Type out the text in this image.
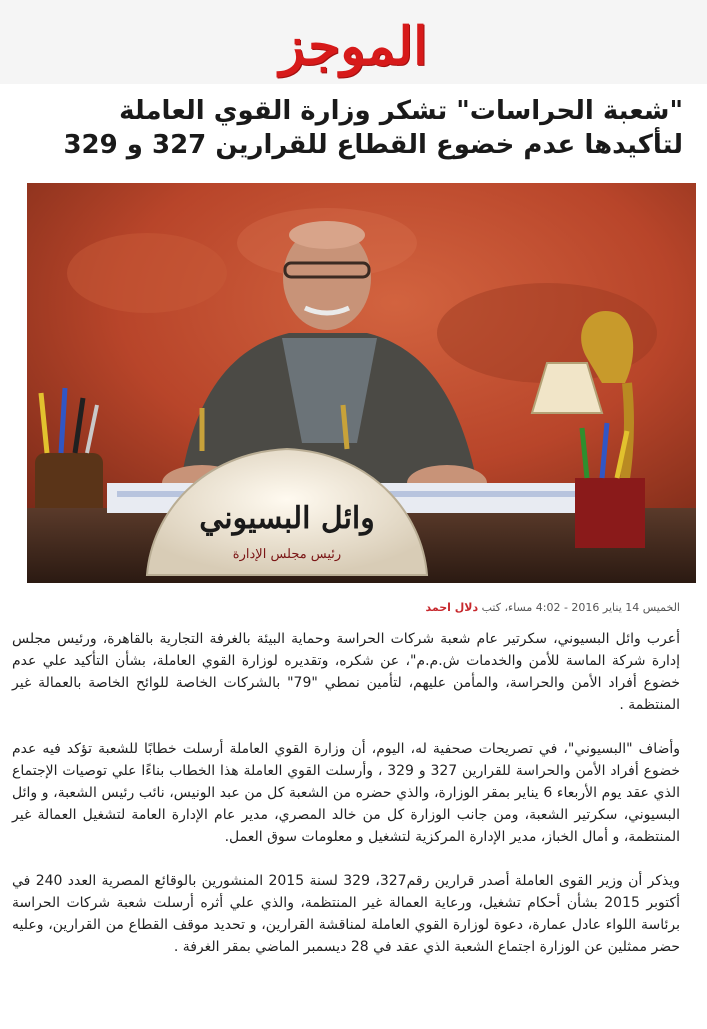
الموجز
"شعبة الحراسات" تشكر وزارة القوي العاملة لتأكيدها عدم خضوع القطاع للقرارين 327 و 329
وائل البسيوني
رئيس مجلس الإدارة
الخميس 14 يناير 2016 - 4:02 مساء، كتب دلال احمد

أعرب وائل البسيوني، سكرتير عام شعبة شركات الحراسة وحماية البيئة بالغرفة التجارية بالقاهرة، ورئيس مجلس إدارة شركة الماسة للأمن والخدمات ش.م.م"، عن شكره، وتقديره لوزارة القوي العاملة، بشأن التأكيد علي عدم خضوع أفراد الأمن والحراسة، والمأمن عليهم، لتأمين نمطي "79" بالشركات الخاصة للوائح الخاصة بالعمالة غير المنتظمة .

وأضاف "البسيوني"، في تصريحات صحفية له، اليوم، أن وزارة القوي العاملة أرسلت خطابًا للشعبة تؤكد فيه عدم خضوع أفراد الأمن والحراسة للقرارين 327 و 329 ، وأرسلت القوي العاملة هذا الخطاب بناءًا علي توصيات الإجتماع الذي عقد يوم الأربعاء 6 يناير بمقر الوزارة، والذي حضره من الشعبة كل من عبد الونيس، نائب رئيس الشعبة، و وائل البسيوني، سكرتير الشعبة، ومن جانب الوزارة كل من خالد المصري، مدير عام الإدارة العامة لتشغيل العمالة غير المنتظمة، و أمال الخباز، مدير الإدارة المركزية لتشغيل و معلومات سوق العمل.

ويذكر أن وزير القوى العاملة أصدر قرارين رقم327، 329 لسنة 2015 المنشورين بالوقائع المصرية العدد 240 في أكتوبر 2015 بشأن أحكام تشغيل، ورعاية العمالة غير المنتظمة، والذي علي أثره أرسلت شعبة شركات الحراسة برئاسة اللواء عادل عمارة، دعوة لوزارة القوي العاملة لمناقشة القرارين، و تحديد موقف القطاع من القرارين، وعليه حضر ممثلين عن الوزارة اجتماع الشعبة الذي عقد في 28 ديسمبر الماضي بمقر الغرفة .
